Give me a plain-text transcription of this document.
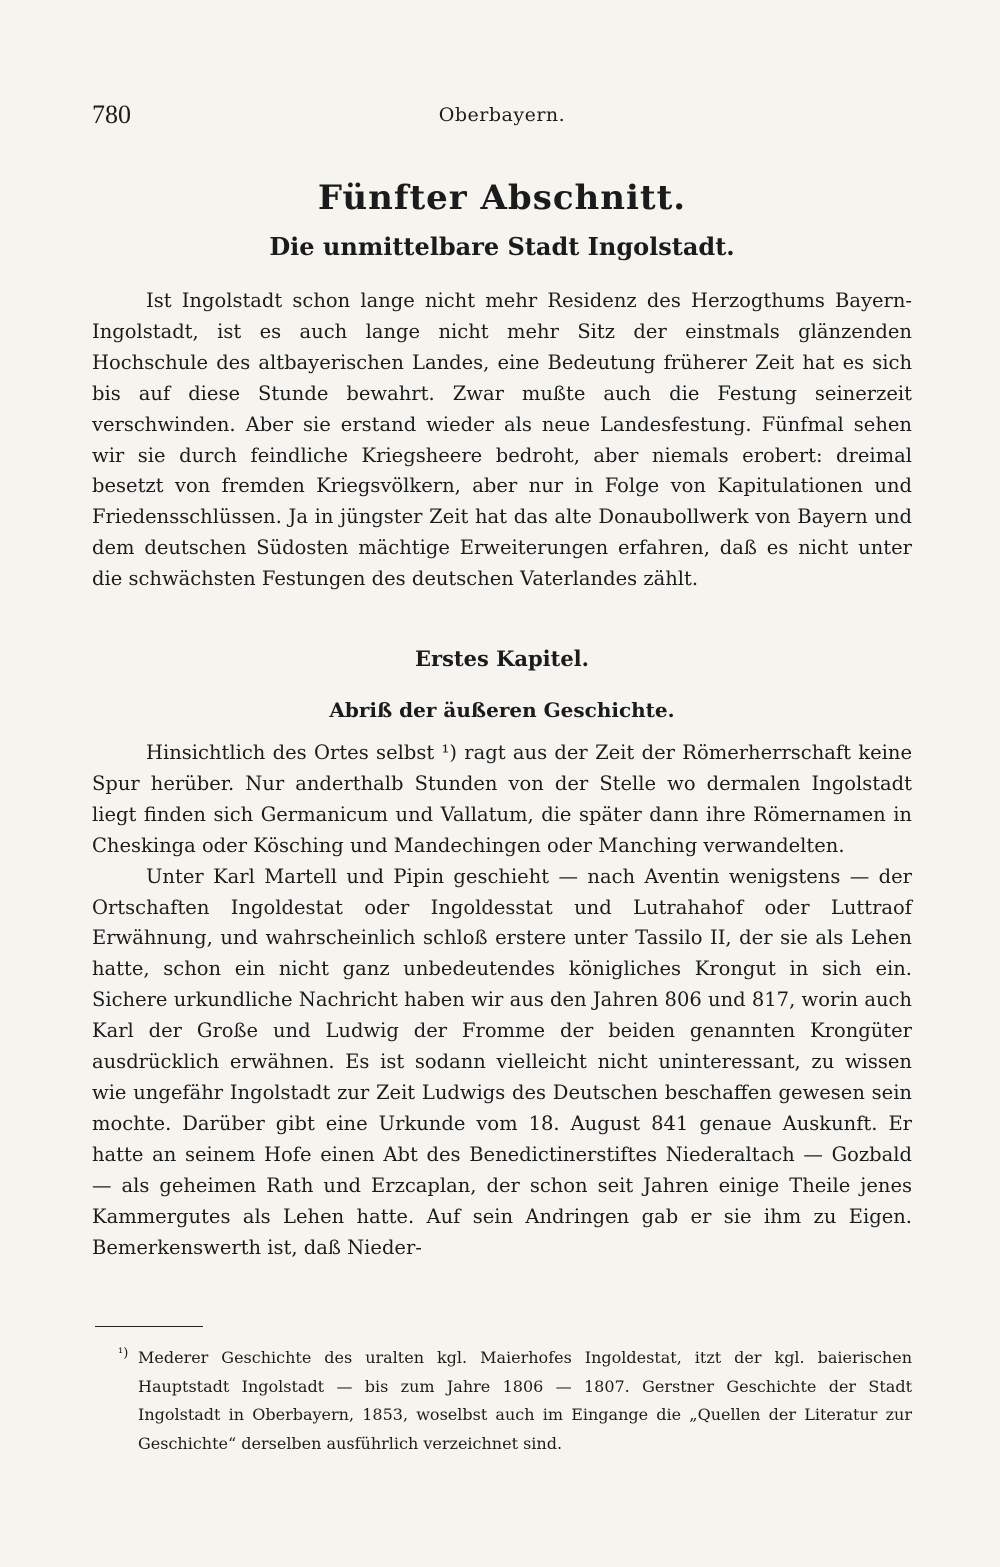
780	Oberbayern.
Fünfter Abschnitt.
Die unmittelbare Stadt Ingolstadt.

Ist Ingolstadt schon lange nicht mehr Residenz des Herzogthums Bayern-Ingolstadt, ist es auch lange nicht mehr Sitz der einstmals glänzenden Hochschule des altbayerischen Landes, eine Bedeutung früherer Zeit hat es sich bis auf diese Stunde bewahrt. Zwar mußte auch die Festung seinerzeit verschwinden. Aber sie erstand wieder als neue Landesfestung. Fünfmal sehen wir sie durch feindliche Kriegsheere bedroht, aber niemals erobert: dreimal besetzt von fremden Kriegsvölkern, aber nur in Folge von Kapitulationen und Friedensschlüssen. Ja in jüngster Zeit hat das alte Donaubollwerk von Bayern und dem deutschen Südosten mächtige Erweiterungen erfahren, daß es nicht unter die schwächsten Festungen des deutschen Vaterlandes zählt.

Erstes Kapitel.
Abriß der äußeren Geschichte.

Hinsichtlich des Ortes selbst ¹) ragt aus der Zeit der Römerherrschaft keine Spur herüber. Nur anderthalb Stunden von der Stelle wo dermalen Ingolstadt liegt finden sich Germanicum und Vallatum, die später dann ihre Römernamen in Cheskinga oder Kösching und Mandechingen oder Manching verwandelten.

Unter Karl Martell und Pipin geschieht — nach Aventin wenigstens — der Ortschaften Ingoldestat oder Ingoldesstat und Lutrahahof oder Luttraof Erwähnung, und wahrscheinlich schloß erstere unter Tassilo II, der sie als Lehen hatte, schon ein nicht ganz unbedeutendes königliches Krongut in sich ein. Sichere urkundliche Nachricht haben wir aus den Jahren 806 und 817, worin auch Karl der Große und Ludwig der Fromme der beiden genannten Krongüter ausdrücklich erwähnen. Es ist sodann vielleicht nicht uninteressant, zu wissen wie ungefähr Ingolstadt zur Zeit Ludwigs des Deutschen beschaffen gewesen sein mochte. Darüber gibt eine Urkunde vom 18. August 841 genaue Auskunft. Er hatte an seinem Hofe einen Abt des Benedictinerstiftes Niederaltach — Gozbald — als geheimen Rath und Erzcaplan, der schon seit Jahren einige Theile jenes Kammergutes als Lehen hatte. Auf sein Andringen gab er sie ihm zu Eigen. Bemerkenswerth ist, daß Nieder-

¹) Mederer Geschichte des uralten kgl. Maierhofes Ingoldestat, itzt der kgl. baierischen Hauptstadt Ingolstadt — bis zum Jahre 1806 — 1807. Gerstner Geschichte der Stadt Ingolstadt in Oberbayern, 1853, woselbst auch im Eingange die „Quellen der Literatur zur Geschichte“ derselben ausführlich verzeichnet sind.
